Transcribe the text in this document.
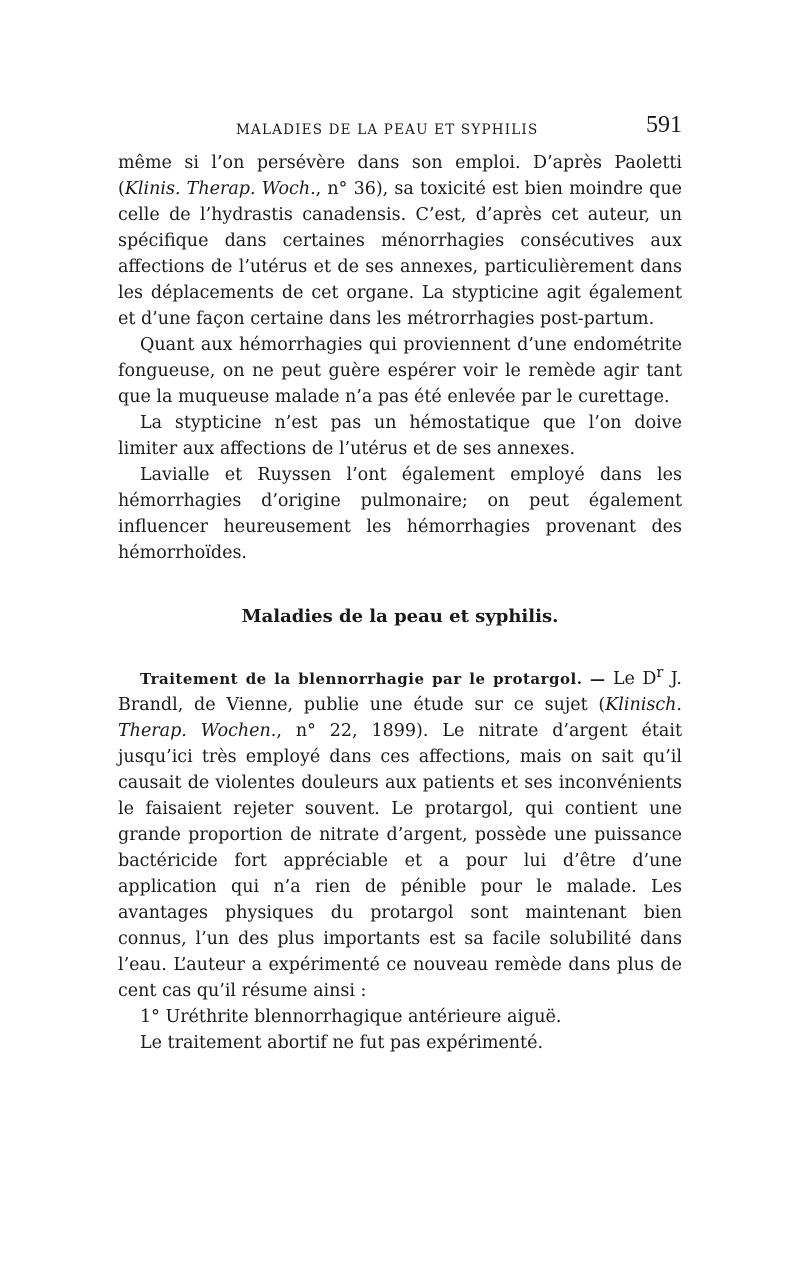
MALADIES DE LA PEAU ET SYPHILIS	591

même si l’on persévère dans son emploi. D’après Paoletti (Klinis. Therap. Woch., n° 36), sa toxicité est bien moindre que celle de l’hydrastis canadensis. C’est, d’après cet auteur, un spécifique dans certaines ménorrhagies consécutives aux affections de l’utérus et de ses annexes, particulièrement dans les déplacements de cet organe. La stypticine agit également et d’une façon certaine dans les métrorrhagies post-partum.

Quant aux hémorrhagies qui proviennent d’une endométrite fongueuse, on ne peut guère espérer voir le remède agir tant que la muqueuse malade n’a pas été enlevée par le curettage.

La stypticine n’est pas un hémostatique que l’on doive limiter aux affections de l’utérus et de ses annexes.

Lavialle et Ruyssen l’ont également employé dans les hémorrhagies d’origine pulmonaire; on peut également influencer heureusement les hémorrhagies provenant des hémorrhoïdes.

Maladies de la peau et syphilis.

Traitement de la blennorrhagie par le protargol. — Le $D^r$ J. Brandl, de Vienne, publie une étude sur ce sujet (Klinisch. Therap. Wochen., n° 22, 1899). Le nitrate d’argent était jusqu’ici très employé dans ces affections, mais on sait qu’il causait de violentes douleurs aux patients et ses inconvénients le faisaient rejeter souvent. Le protargol, qui contient une grande proportion de nitrate d’argent, possède une puissance bactéricide fort appréciable et a pour lui d’être d’une application qui n’a rien de pénible pour le malade. Les avantages physiques du protargol sont maintenant bien connus, l’un des plus importants est sa facile solubilité dans l’eau. L’auteur a expérimenté ce nouveau remède dans plus de cent cas qu’il résume ainsi :

1° Uréthrite blennorrhagique antérieure aiguë.

Le traitement abortif ne fut pas expérimenté.
